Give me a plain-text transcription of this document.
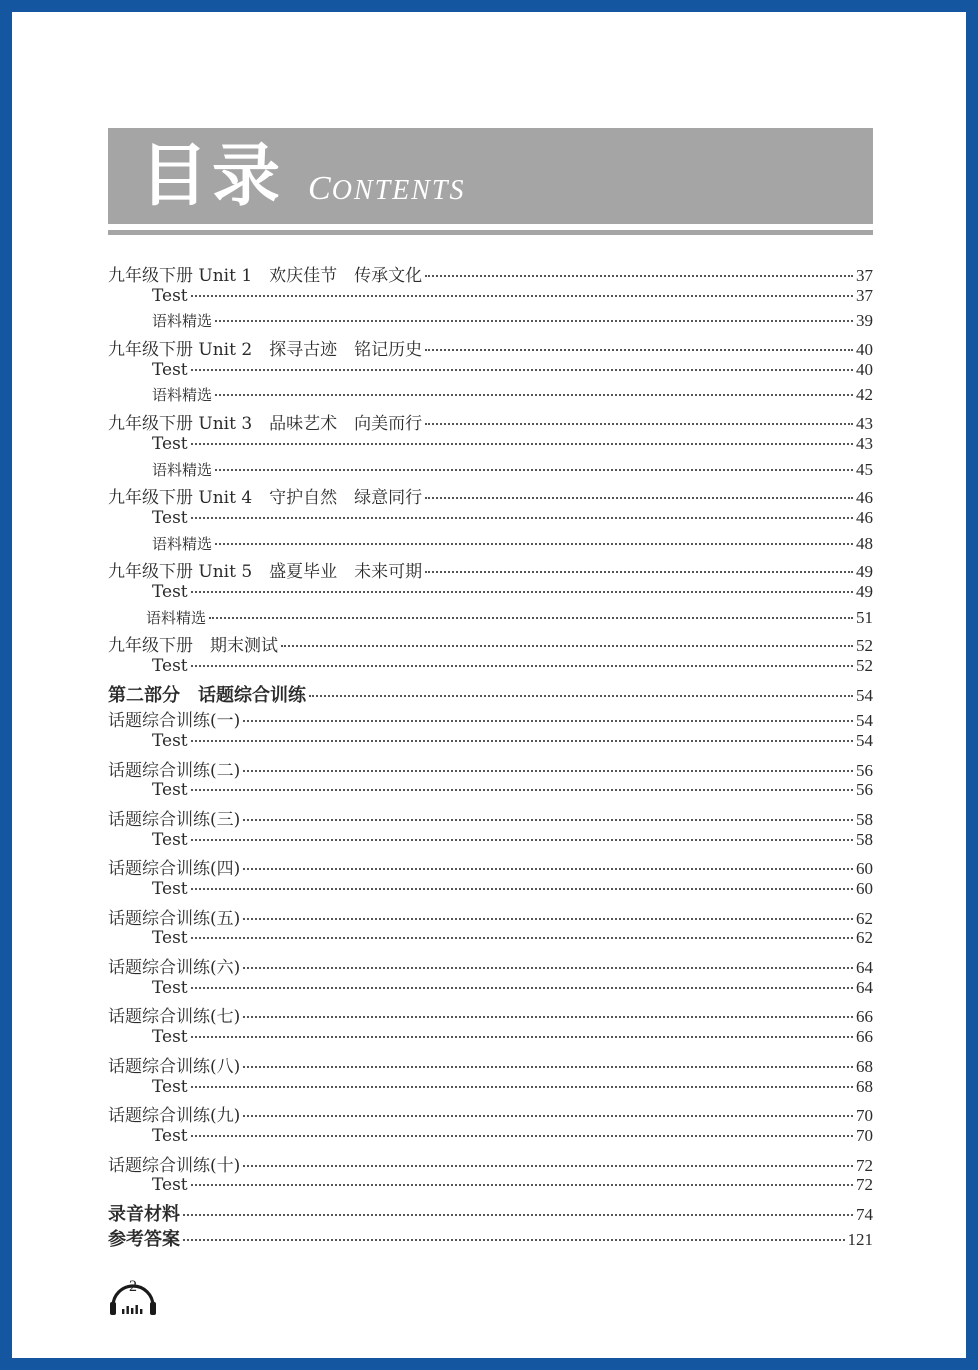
目录 CONTENTS
九年级下册 Unit 1　欢庆佳节　传承文化	37
Test	37
语料精选	39
九年级下册 Unit 2　探寻古迹　铭记历史	40
Test	40
语料精选	42
九年级下册 Unit 3　品味艺术　向美而行	43
Test	43
语料精选	45
九年级下册 Unit 4　守护自然　绿意同行	46
Test	46
语料精选	48
九年级下册 Unit 5　盛夏毕业　未来可期	49
Test	49
语料精选	51
九年级下册　期末测试	52
Test	52
第二部分　话题综合训练	54
话题综合训练(一)	54
Test	54
话题综合训练(二)	56
Test	56
话题综合训练(三)	58
Test	58
话题综合训练(四)	60
Test	60
话题综合训练(五)	62
Test	62
话题综合训练(六)	64
Test	64
话题综合训练(七)	66
Test	66
话题综合训练(八)	68
Test	68
话题综合训练(九)	70
Test	70
话题综合训练(十)	72
Test	72
录音材料	74
参考答案	121
2
